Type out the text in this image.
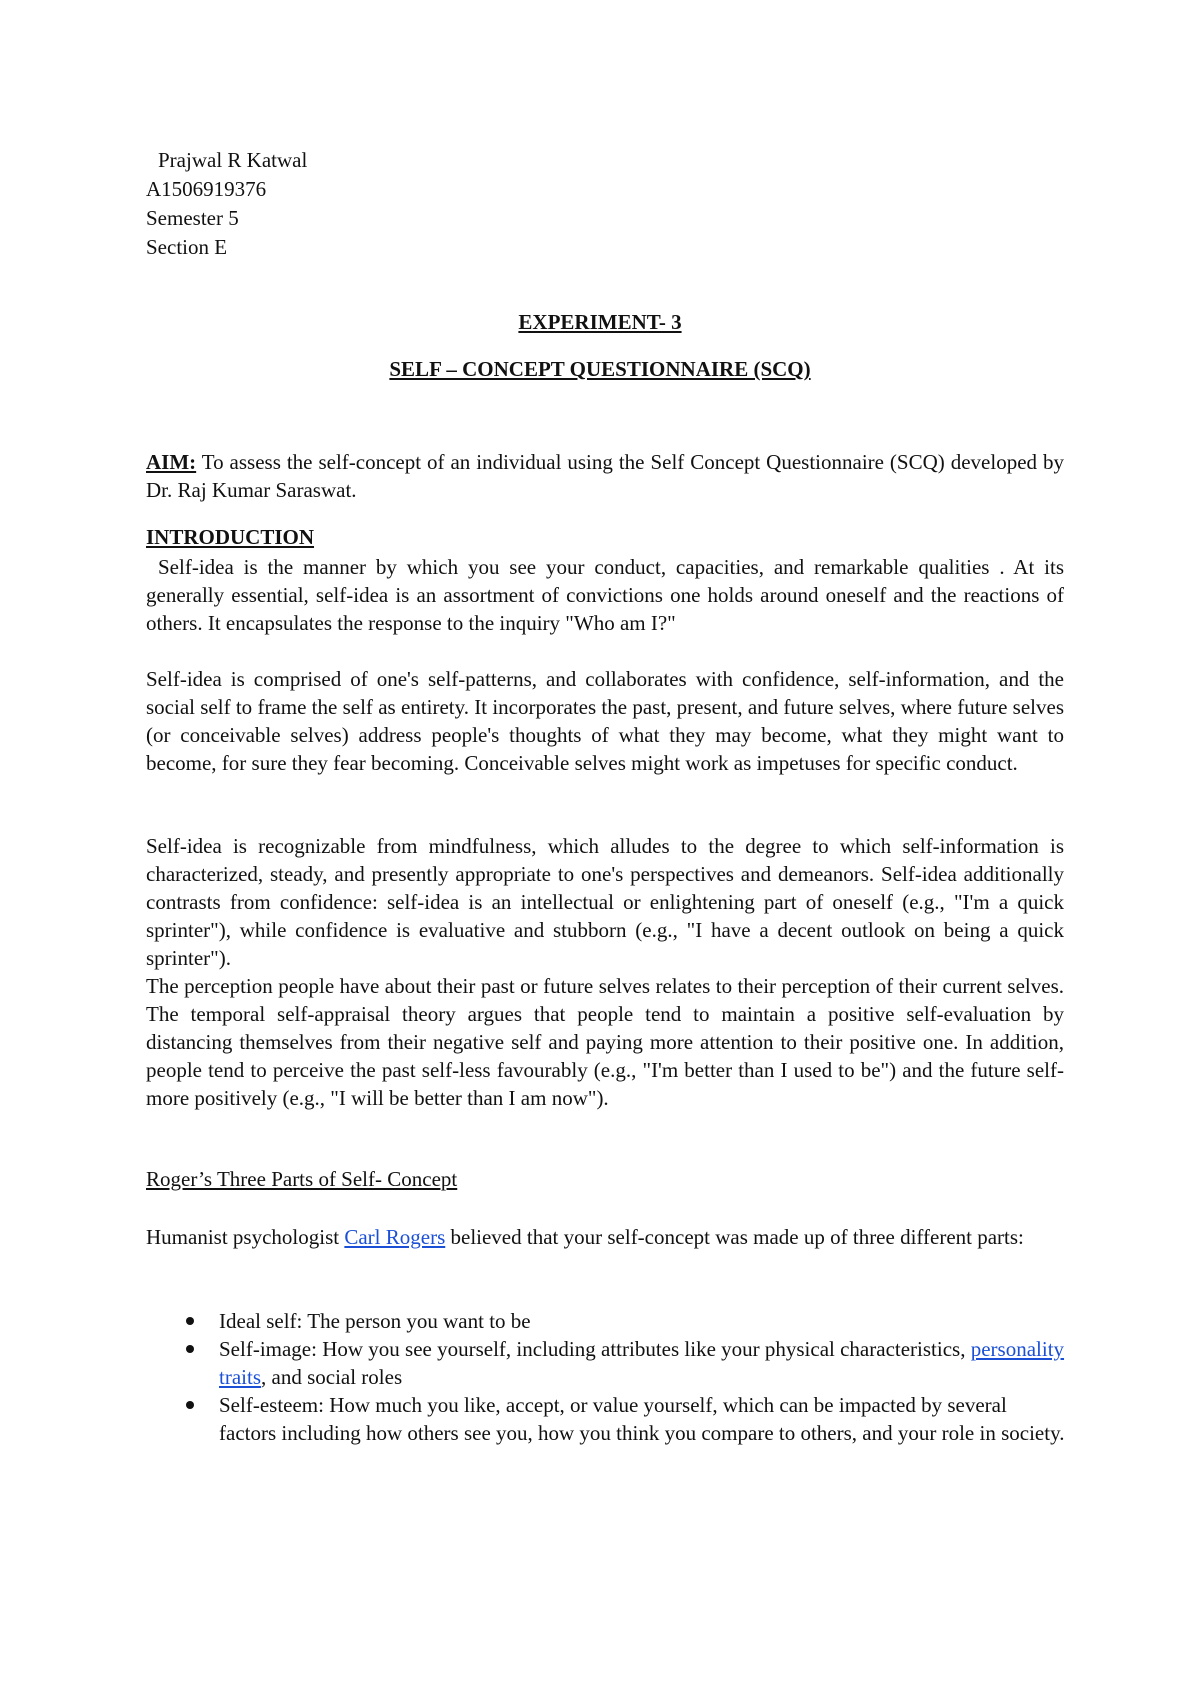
Prajwal R Katwal
A1506919376
Semester 5
Section E
EXPERIMENT- 3
SELF – CONCEPT QUESTIONNAIRE (SCQ)
AIM: To assess the self-concept of an individual using the Self Concept Questionnaire (SCQ) developed by Dr. Raj Kumar Saraswat.
INTRODUCTION
Self-idea is the manner by which you see your conduct, capacities, and remarkable qualities . At its generally essential, self-idea is an assortment of convictions one holds around oneself and the reactions of others. It encapsulates the response to the inquiry "Who am I?"
Self-idea is comprised of one's self-patterns, and collaborates with confidence, self-information, and the social self to frame the self as entirety. It incorporates the past, present, and future selves, where future selves (or conceivable selves) address people's thoughts of what they may become, what they might want to become, for sure they fear becoming. Conceivable selves might work as impetuses for specific conduct.
Self-idea is recognizable from mindfulness, which alludes to the degree to which self-information is characterized, steady, and presently appropriate to one's perspectives and demeanors. Self-idea additionally contrasts from confidence: self-idea is an intellectual or enlightening part of oneself (e.g., "I'm a quick sprinter"), while confidence is evaluative and stubborn (e.g., "I have a decent outlook on being a quick sprinter").
The perception people have about their past or future selves relates to their perception of their current selves. The temporal self-appraisal theory argues that people tend to maintain a positive self-evaluation by distancing themselves from their negative self and paying more attention to their positive one. In addition, people tend to perceive the past self-less favourably (e.g., "I'm better than I used to be") and the future self-more positively (e.g., "I will be better than I am now").
Roger’s Three Parts of Self- Concept
Humanist psychologist Carl Rogers believed that your self-concept was made up of three different parts:
Ideal self: The person you want to be
Self-image: How you see yourself, including attributes like your physical characteristics, personality traits, and social roles
Self-esteem: How much you like, accept, or value yourself, which can be impacted by several factors including how others see you, how you think you compare to others, and your role in society.
